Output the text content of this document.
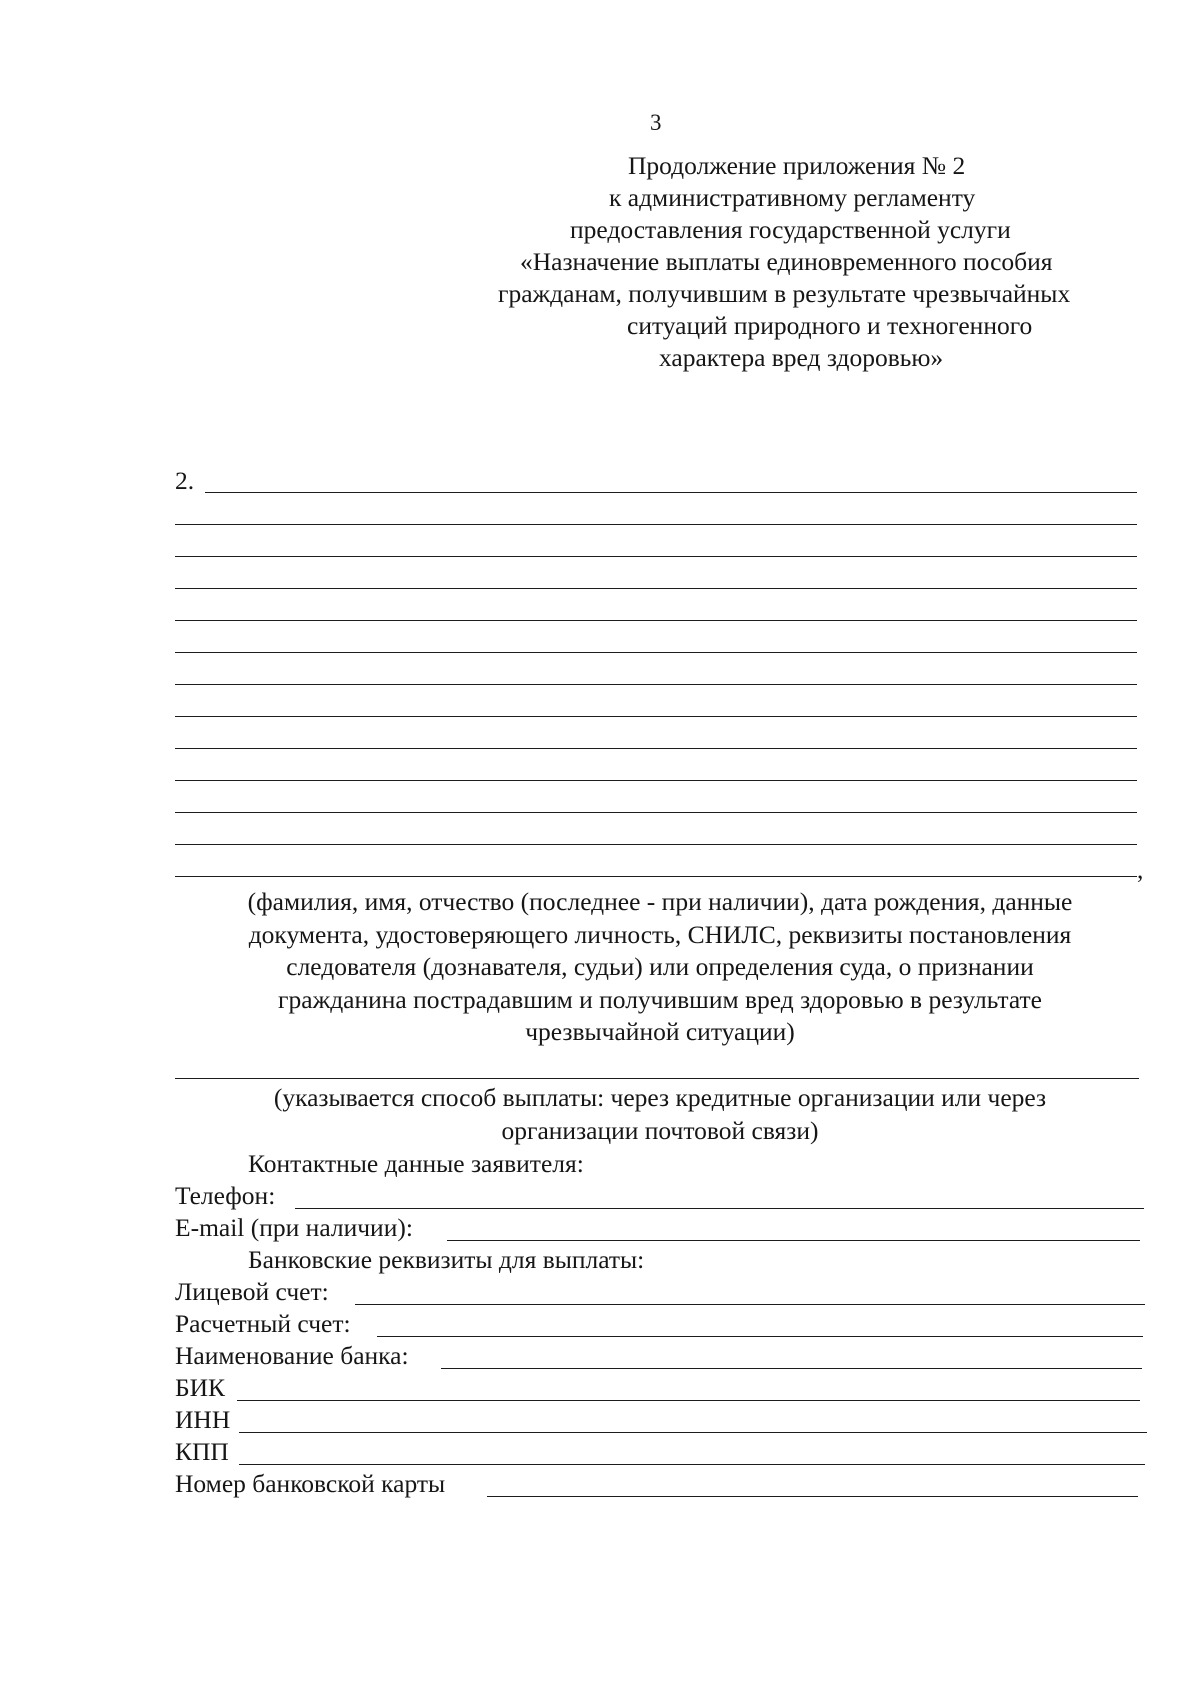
3
Продолжение приложения № 2
к административному регламенту
предоставления государственной услуги
«Назначение выплаты единовременного пособия
гражданам, получившим в результате чрезвычайных
ситуаций природного и техногенного
характера вред здоровью»
2.
,
(фамилия, имя, отчество (последнее - при наличии), дата рождения, данные
документа, удостоверяющего личность, СНИЛС, реквизиты постановления
следователя (дознавателя, судьи) или определения суда, о признании
гражданина пострадавшим и получившим вред здоровью в результате
чрезвычайной ситуации)
(указывается способ выплаты: через кредитные организации или через
организации почтовой связи)
Контактные данные заявителя:
Телефон:
E-mail (при наличии):
Банковские реквизиты для выплаты:
Лицевой счет:
Расчетный счет:
Наименование банка:
БИК
ИНН
КПП
Номер банковской карты
